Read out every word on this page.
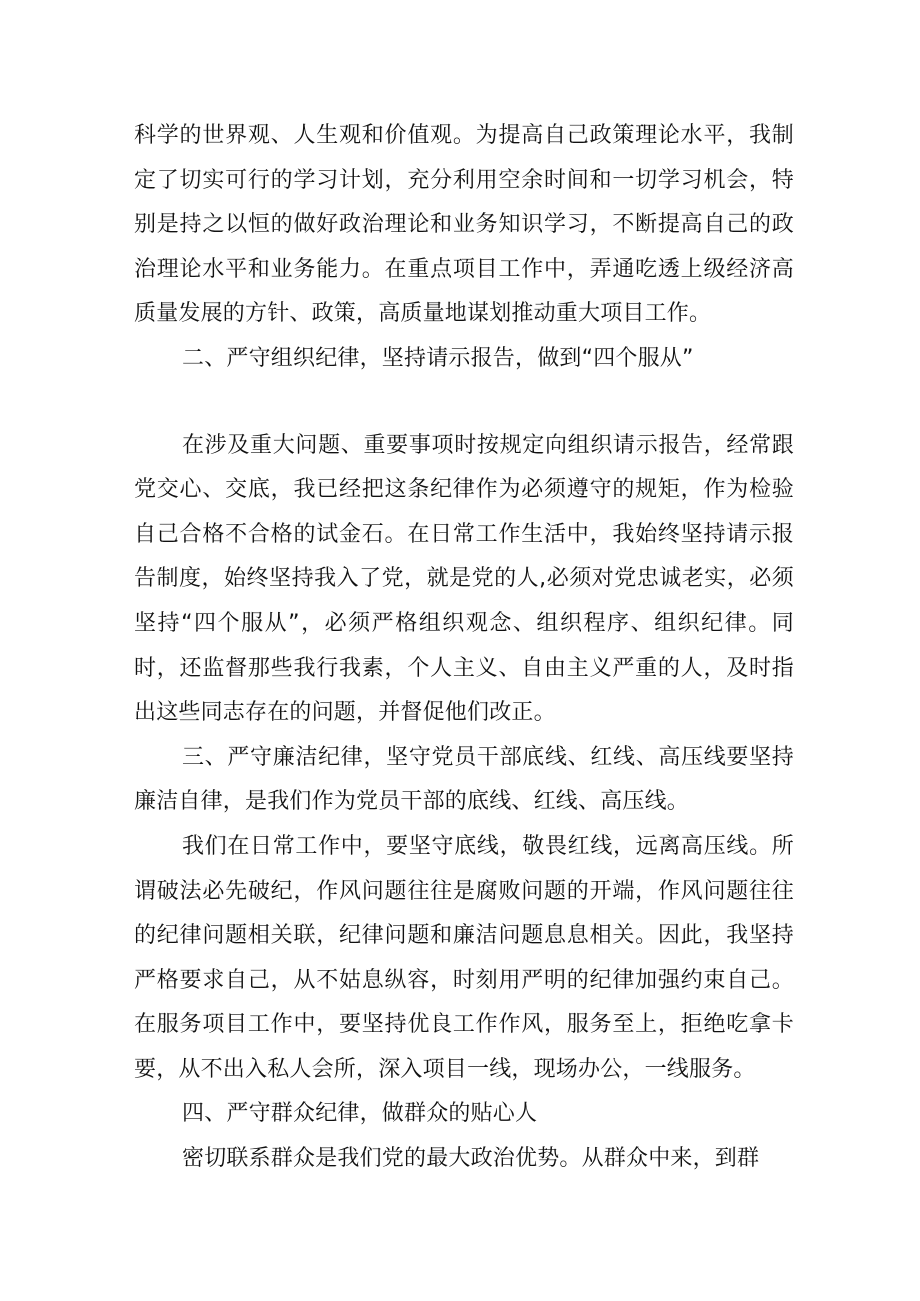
科学的世界观、人生观和价值观。为提高自己政策理论水平，我制定了切实可行的学习计划，充分利用空余时间和一切学习机会，特别是持之以恒的做好政治理论和业务知识学习，不断提高自己的政治理论水平和业务能力。在重点项目工作中，弄通吃透上级经济高质量发展的方针、政策，高质量地谋划推动重大项目工作。

二、严守组织纪律，坚持请示报告，做到“四个服从”

在涉及重大问题、重要事项时按规定向组织请示报告，经常跟党交心、交底，我已经把这条纪律作为必须遵守的规矩，作为检验自己合格不合格的试金石。在日常工作生活中，我始终坚持请示报告制度，始终坚持我入了党，就是党的人,必须对党忠诚老实，必须坚持“四个服从”，必须严格组织观念、组织程序、组织纪律。同时，还监督那些我行我素，个人主义、自由主义严重的人，及时指出这些同志存在的问题，并督促他们改正。

三、严守廉洁纪律，坚守党员干部底线、红线、高压线要坚持廉洁自律，是我们作为党员干部的底线、红线、高压线。

我们在日常工作中，要坚守底线，敬畏红线，远离高压线。所谓破法必先破纪，作风问题往往是腐败问题的开端，作风问题往往的纪律问题相关联，纪律问题和廉洁问题息息相关。因此，我坚持严格要求自己，从不姑息纵容，时刻用严明的纪律加强约束自己。在服务项目工作中，要坚持优良工作作风，服务至上，拒绝吃拿卡要，从不出入私人会所，深入项目一线，现场办公，一线服务。

四、严守群众纪律，做群众的贴心人

密切联系群众是我们党的最大政治优势。从群众中来，到群
